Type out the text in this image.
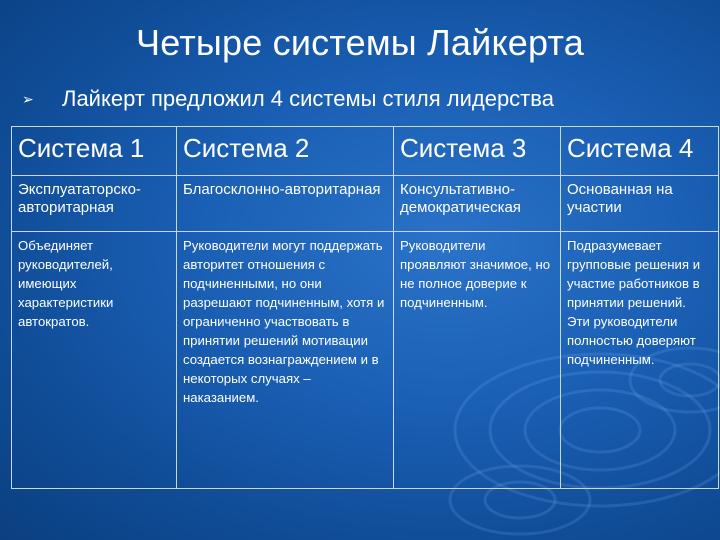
Четыре системы Лайкерта
➢	Лайкерт предложил 4 системы стиля лидерства
Система 1	Система 2	Система 3	Система 4
Эксплуататорско-авторитарная	Благосклонно-авторитарная	Консультативно-демократическая	Основанная на участии
Объединяет руководителей, имеющих характеристики автократов.	Руководители могут поддержать авторитет отношения с подчиненными, но они разрешают подчиненным, хотя и ограниченно участвовать в принятии решений мотивации создается вознаграждением и в некоторых случаях – наказанием.	Руководители проявляют значимое, но не полное доверие к подчиненным.	Подразумевает групповые решения и участие работников в принятии решений. Эти руководители полностью доверяют подчиненным.
